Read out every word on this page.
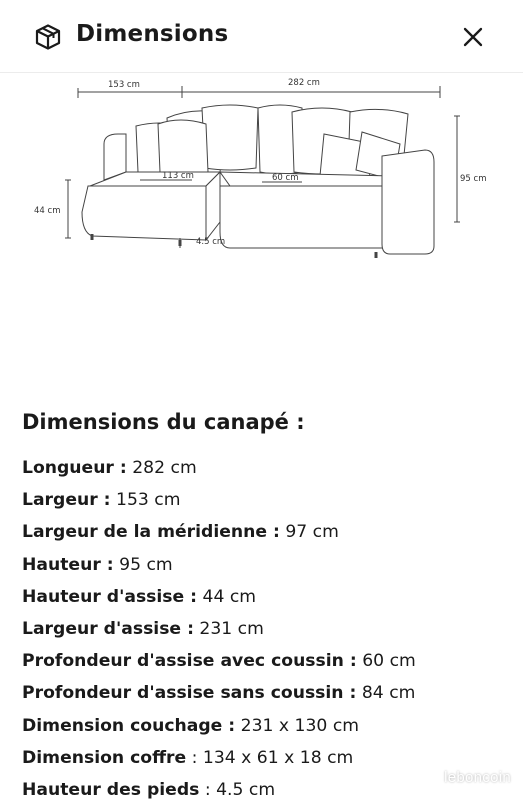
Dimensions
153 cm	282 cm
95 cm
44 cm
113 cm	60 cm
4.5 cm
Dimensions du canapé :
Longueur : 282 cm
Largeur : 153 cm
Largeur de la méridienne : 97 cm
Hauteur : 95 cm
Hauteur d'assise : 44 cm
Largeur d'assise : 231 cm
Profondeur d'assise avec coussin : 60 cm
Profondeur d'assise sans coussin : 84 cm
Dimension couchage : 231 x 130 cm
Dimension coffre : 134 x 61 x 18 cm
Hauteur des pieds : 4.5 cm
leboncoin
